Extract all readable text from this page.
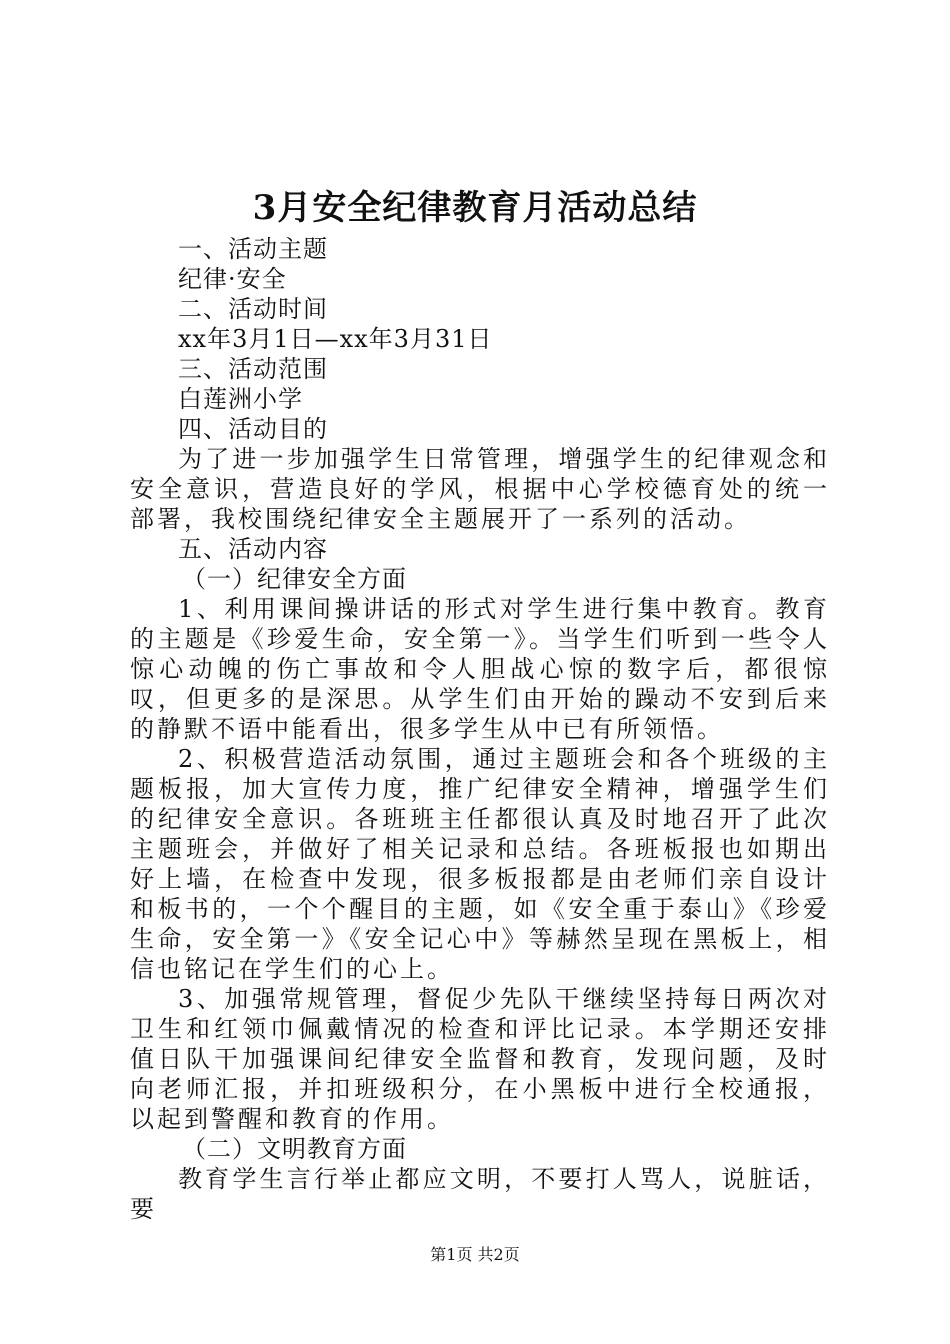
3月安全纪律教育月活动总结
一、活动主题
纪律·安全
二、活动时间
xx年3月1日—xx年3月31日
三、活动范围
白莲洲小学
四、活动目的

为了进一步加强学生日常管理，增强学生的纪律观念和安全意识，营造良好的学风，根据中心学校德育处的统一部署，我校围绕纪律安全主题展开了一系列的活动。

五、活动内容
（一）纪律安全方面

1、利用课间操讲话的形式对学生进行集中教育。教育的主题是《珍爱生命，安全第一》。当学生们听到一些令人惊心动魄的伤亡事故和令人胆战心惊的数字后，都很惊叹，但更多的是深思。从学生们由开始的躁动不安到后来的静默不语中能看出，很多学生从中已有所领悟。

2、积极营造活动氛围，通过主题班会和各个班级的主题板报，加大宣传力度，推广纪律安全精神，增强学生们的纪律安全意识。各班班主任都很认真及时地召开了此次主题班会，并做好了相关记录和总结。各班板报也如期出好上墙，在检查中发现，很多板报都是由老师们亲自设计和板书的，一个个醒目的主题，如《安全重于泰山》《珍爱生命，安全第一》《安全记心中》等赫然呈现在黑板上，相信也铭记在学生们的心上。

3、加强常规管理，督促少先队干继续坚持每日两次对卫生和红领巾佩戴情况的检查和评比记录。本学期还安排值日队干加强课间纪律安全监督和教育，发现问题，及时向老师汇报，并扣班级积分，在小黑板中进行全校通报，以起到警醒和教育的作用。

（二）文明教育方面

教育学生言行举止都应文明，不要打人骂人，说脏话，要

第1页 共2页
